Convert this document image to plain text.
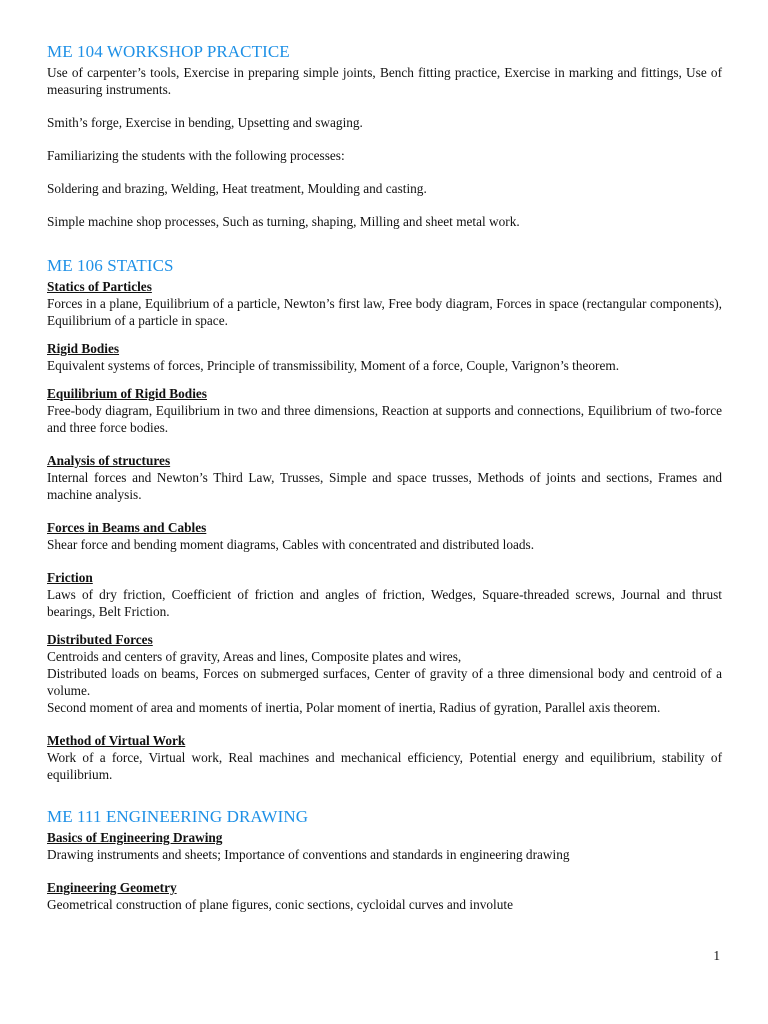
ME 104 WORKSHOP PRACTICE

Use of carpenter’s tools, Exercise in preparing simple joints, Bench fitting practice, Exercise in marking and fittings, Use of measuring instruments.

Smith’s forge, Exercise in bending, Upsetting and swaging.

Familiarizing the students with the following processes:

Soldering and brazing, Welding, Heat treatment, Moulding and casting.

Simple machine shop processes, Such as turning, shaping, Milling and sheet metal work.

ME 106 STATICS

Statics of Particles

Forces in a plane, Equilibrium of a particle, Newton’s first law, Free body diagram, Forces in space (rectangular components), Equilibrium of a particle in space.

Rigid Bodies

Equivalent systems of forces, Principle of transmissibility, Moment of a force, Couple, Varignon’s theorem.

Equilibrium of Rigid Bodies

Free-body diagram, Equilibrium in two and three dimensions, Reaction at supports and connections, Equilibrium of two-force and three force bodies.

Analysis of structures

Internal forces and Newton’s Third Law, Trusses, Simple and space trusses, Methods of joints and sections, Frames and machine analysis.

Forces in Beams and Cables

Shear force and bending moment diagrams, Cables with concentrated and distributed loads.

Friction

Laws of dry friction, Coefficient of friction and angles of friction, Wedges, Square-threaded screws, Journal and thrust bearings, Belt Friction.

Distributed Forces

Centroids and centers of gravity, Areas and lines, Composite plates and wires,

Distributed loads on beams, Forces on submerged surfaces, Center of gravity of a three dimensional body and centroid of a volume.

Second moment of area and moments of inertia, Polar moment of inertia, Radius of gyration, Parallel axis theorem.

Method of Virtual Work

Work of a force, Virtual work, Real machines and mechanical efficiency, Potential energy and equilibrium, stability of equilibrium.

ME 111 ENGINEERING DRAWING

Basics of Engineering Drawing

Drawing instruments and sheets; Importance of conventions and standards in engineering drawing

Engineering Geometry

Geometrical construction of plane figures, conic sections, cycloidal curves and involute

1
